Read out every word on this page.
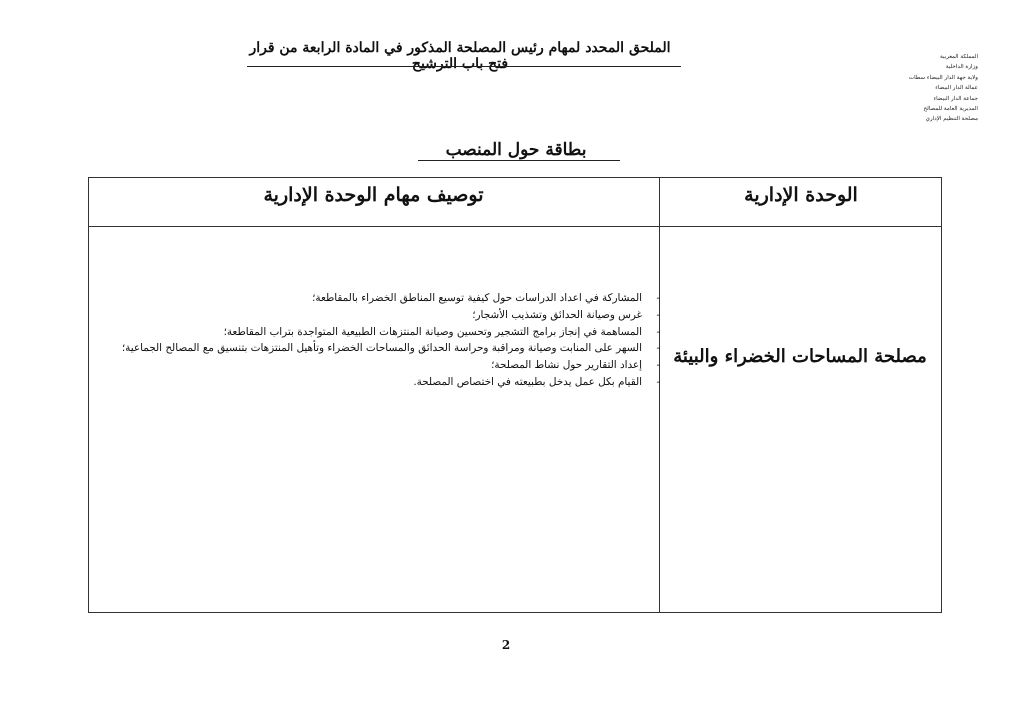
الملحق المحدد لمهام رئيس المصلحة المذكور في المادة الرابعة من قرار فتح باب الترشيح	المملكة المغربية
وزارة الداخلية
ولاية جهة الدار البيضاء سطات
عمالة الدار البيضاء
جماعة الدار البيضاء
المديرية العامة للمصالح
مصلحة التنظيم الإداري
بطاقة حول المنصب
الوحدة الإدارية
توصيف مهام الوحدة الإدارية
مصلحة المساحات الخضراء والبيئة
-
المشاركة في اعداد الدراسات حول كيفية توسيع المناطق الخضراء بالمقاطعة؛
-
غرس وصيانة الحدائق وتشذيب الأشجار؛
-
المساهمة في إنجاز برامج التشجير وتحسين وصيانة المنتزهات الطبيعية المتواجدة بتراب المقاطعة؛
-
السهر على المنابت وصيانة ومراقبة وحراسة الحدائق والمساحات الخضراء وتأهيل المنتزهات بتنسيق مع المصالح الجماعية؛
-
إعداد التقارير حول نشاط المصلحة؛
-
القيام بكل عمل يدخل بطبيعته في اختصاص المصلحة.
2
